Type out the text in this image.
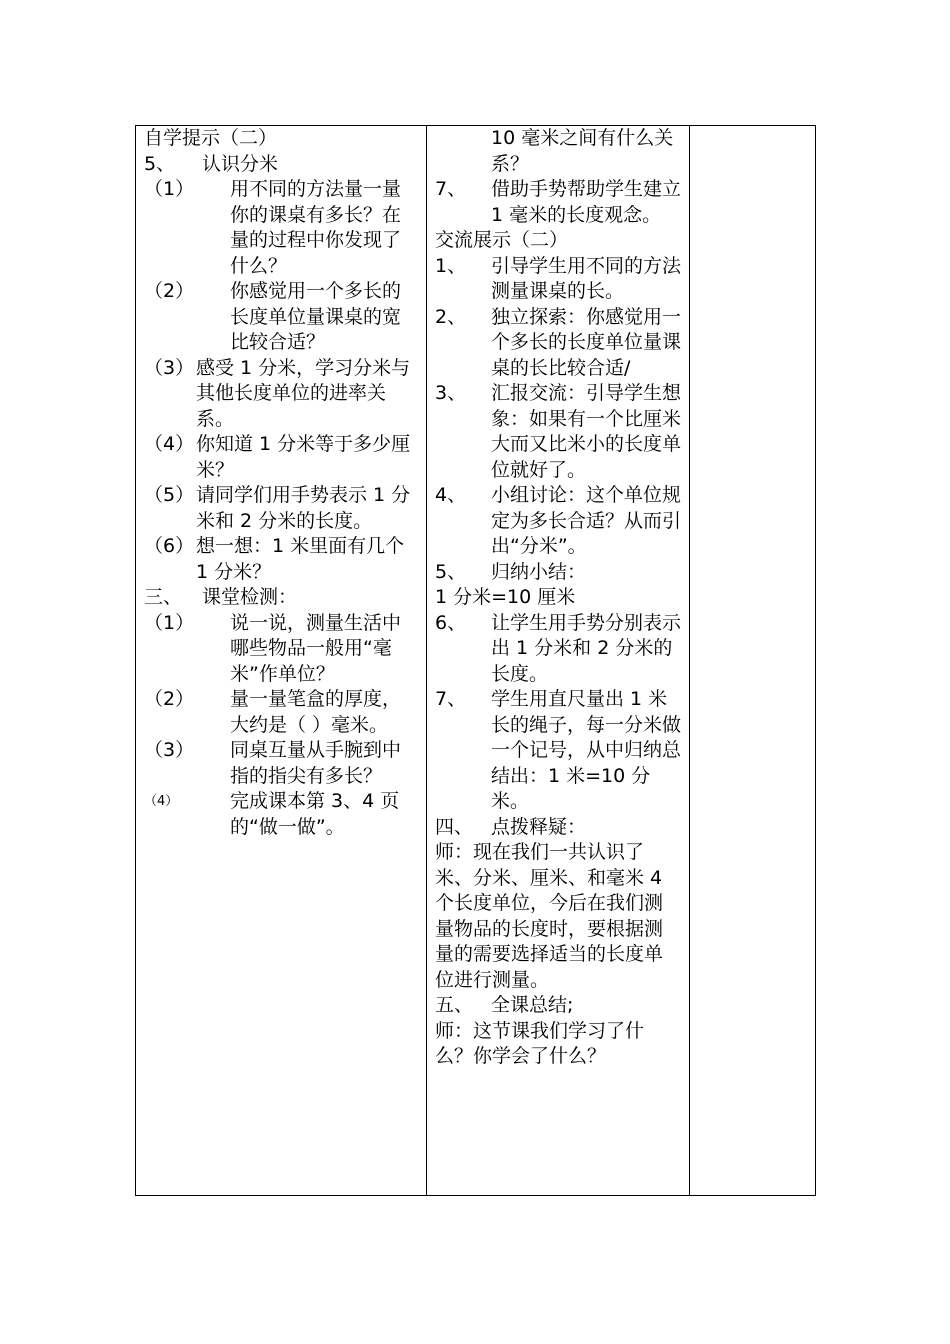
自学提示（二）
5、	认识分米
（1）	用不同的方法量一量你的课桌有多长？在量的过程中你发现了什么？
（2）	你感觉用一个多长的长度单位量课桌的宽比较合适？
（3） 感受 1 分米，学习分米与其他长度单位的进率关系。
（4） 你知道 1 分米等于多少厘米？
（5） 请同学们用手势表示 1 分米和 2 分米的长度。
（6） 想一想：1 米里面有几个 1 分米？
三、	课堂检测：
（1）	说一说，测量生活中哪些物品一般用“毫米”作单位？
（2）	量一量笔盒的厚度，大约是（ ）毫米。
（3）	同桌互量从手腕到中指的指尖有多长？
（4）	完成课本第 3、4 页的“做一做”。

10 毫米之间有什么关系？
7、	借助手势帮助学生建立 1 毫米的长度观念。
交流展示（二）
1、	引导学生用不同的方法测量课桌的长。
2、	独立探索：你感觉用一个多长的长度单位量课桌的长比较合适/
3、	汇报交流：引导学生想象：如果有一个比厘米大而又比米小的长度单位就好了。
4、	小组讨论：这个单位规定为多长合适？从而引出“分米”。
5、	归纳小结：
1 分米=10 厘米
6、	让学生用手势分别表示出 1 分米和 2 分米的长度。
7、	学生用直尺量出 1 米长的绳子，每一分米做一个记号，从中归纳总结出：1 米=10 分米。
四、 点拨释疑：
师：现在我们一共认识了米、分米、厘米、和毫米 4 个长度单位，今后在我们测量物品的长度时，要根据测量的需要选择适当的长度单位进行测量。
五、 全课总结;
师：这节课我们学习了什么？你学会了什么？
